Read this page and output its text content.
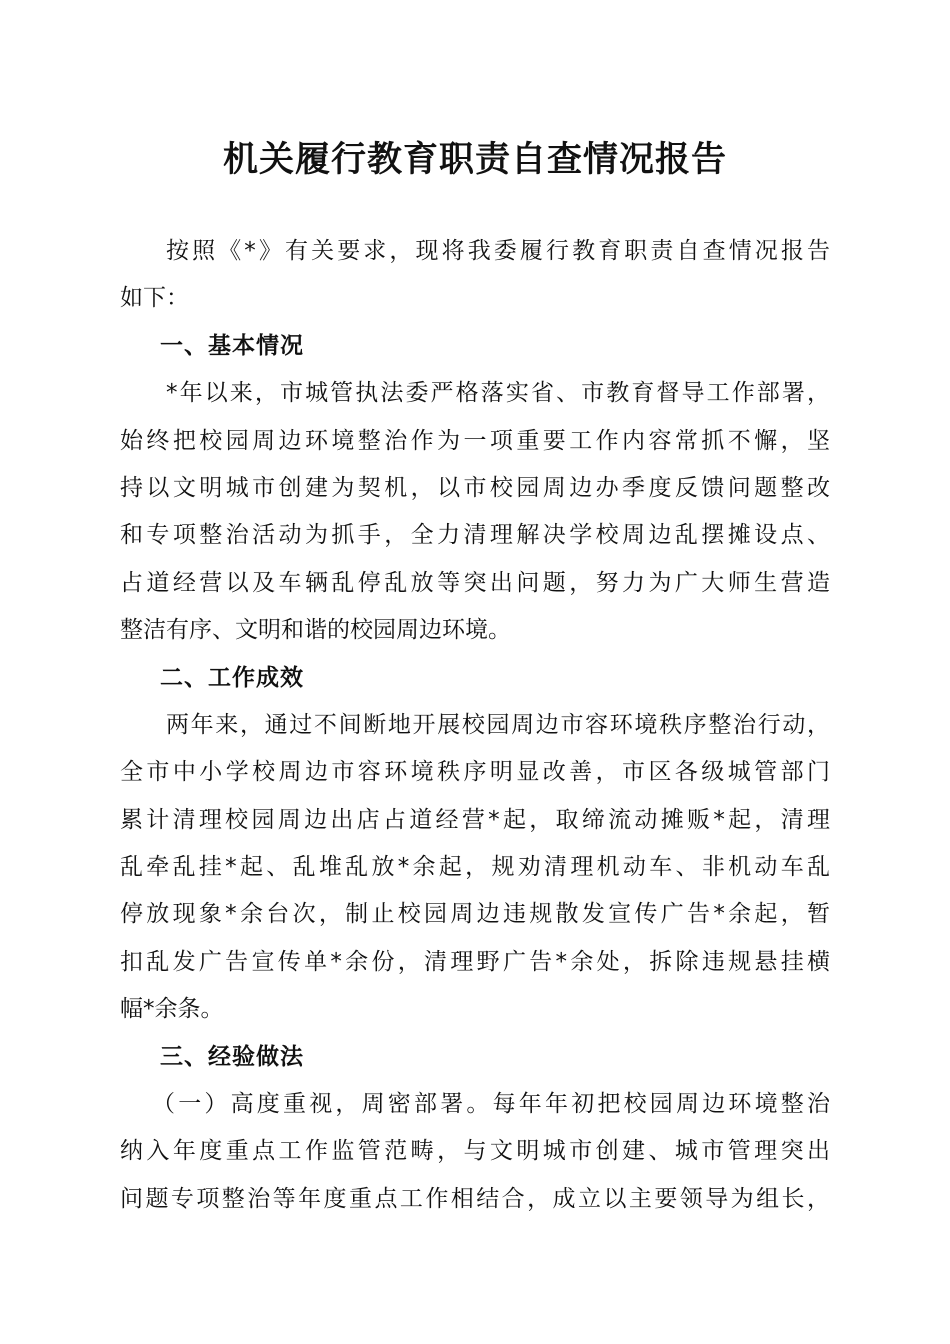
机关履行教育职责自查情况报告
按照《*》有关要求，现将我委履行教育职责自查情况报告
如下：
一、基本情况
*年以来，市城管执法委严格落实省、市教育督导工作部署，
始终把校园周边环境整治作为一项重要工作内容常抓不懈，坚
持以文明城市创建为契机，以市校园周边办季度反馈问题整改
和专项整治活动为抓手，全力清理解决学校周边乱摆摊设点、
占道经营以及车辆乱停乱放等突出问题，努力为广大师生营造
整洁有序、文明和谐的校园周边环境。
二、工作成效
两年来，通过不间断地开展校园周边市容环境秩序整治行动，
全市中小学校周边市容环境秩序明显改善，市区各级城管部门
累计清理校园周边出店占道经营*起，取缔流动摊贩*起，清理
乱牵乱挂*起、乱堆乱放*余起，规劝清理机动车、非机动车乱
停放现象*余台次，制止校园周边违规散发宣传广告*余起，暂
扣乱发广告宣传单*余份，清理野广告*余处，拆除违规悬挂横
幅*余条。
三、经验做法
（一）高度重视，周密部署。每年年初把校园周边环境整治
纳入年度重点工作监管范畴，与文明城市创建、城市管理突出
问题专项整治等年度重点工作相结合，成立以主要领导为组长，
